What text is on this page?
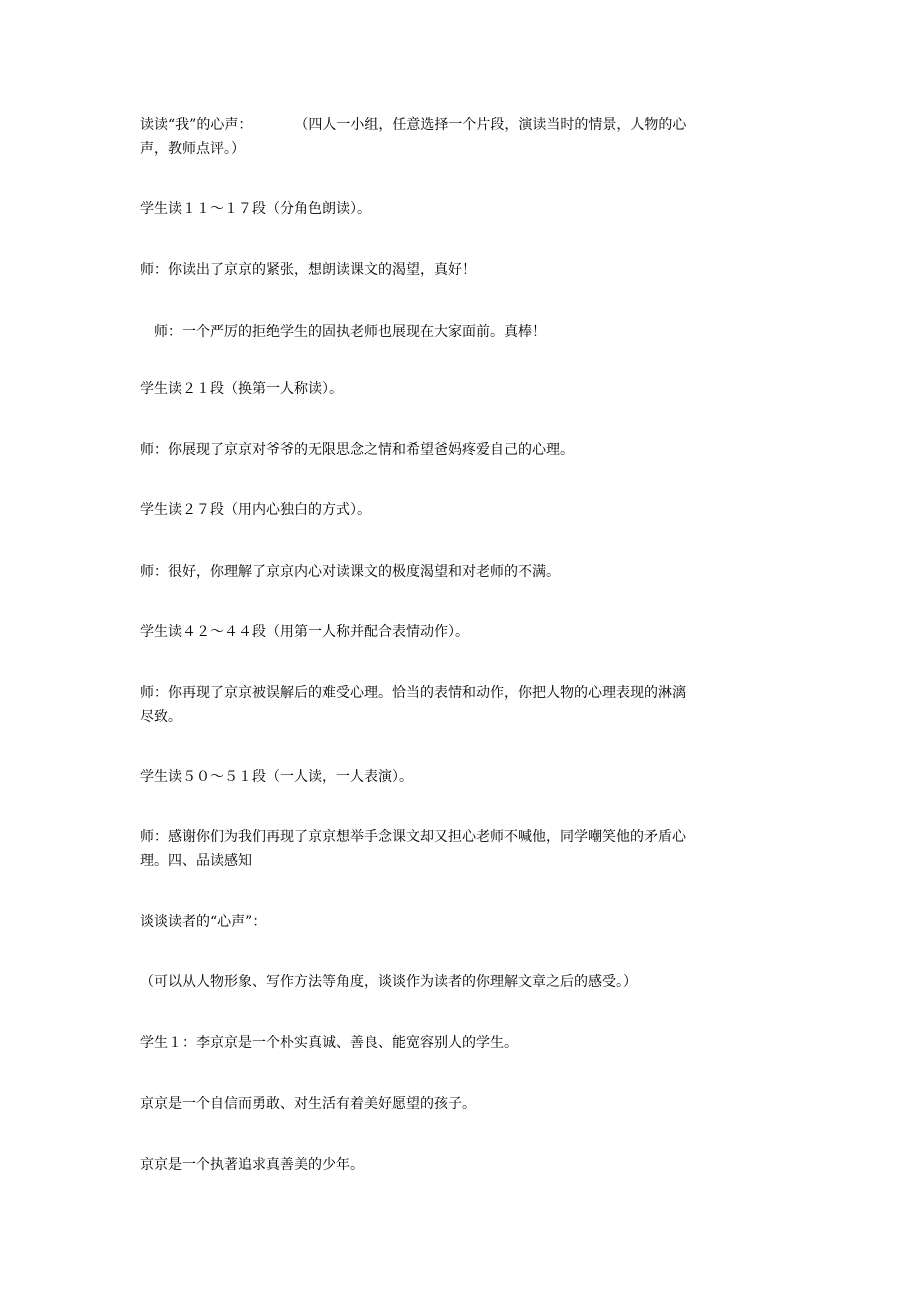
读读“我”的心声：	（四人一小组，任意选择一个片段，演读当时的情景，人物的心
声，教师点评。）
学生读１１～１７段（分角色朗读）。
师：你读出了京京的紧张，想朗读课文的渴望，真好！
师：一个严厉的拒绝学生的固执老师也展现在大家面前。真棒！
学生读２１段（换第一人称读）。
师：你展现了京京对爷爷的无限思念之情和希望爸妈疼爱自己的心理。
学生读２７段（用内心独白的方式）。
师：很好，你理解了京京内心对读课文的极度渴望和对老师的不满。
学生读４２～４４段（用第一人称并配合表情动作）。
师：你再现了京京被误解后的难受心理。恰当的表情和动作，你把人物的心理表现的淋漓
尽致。
学生读５０～５１段（一人读，一人表演）。
师：感谢你们为我们再现了京京想举手念课文却又担心老师不喊他，同学嘲笑他的矛盾心
理。四、品读感知
谈谈读者的“心声”：
（可以从人物形象、写作方法等角度，谈谈作为读者的你理解文章之后的感受。）
学生１：李京京是一个朴实真诚、善良、能宽容别人的学生。
京京是一个自信而勇敢、对生活有着美好愿望的孩子。
京京是一个执著追求真善美的少年。
